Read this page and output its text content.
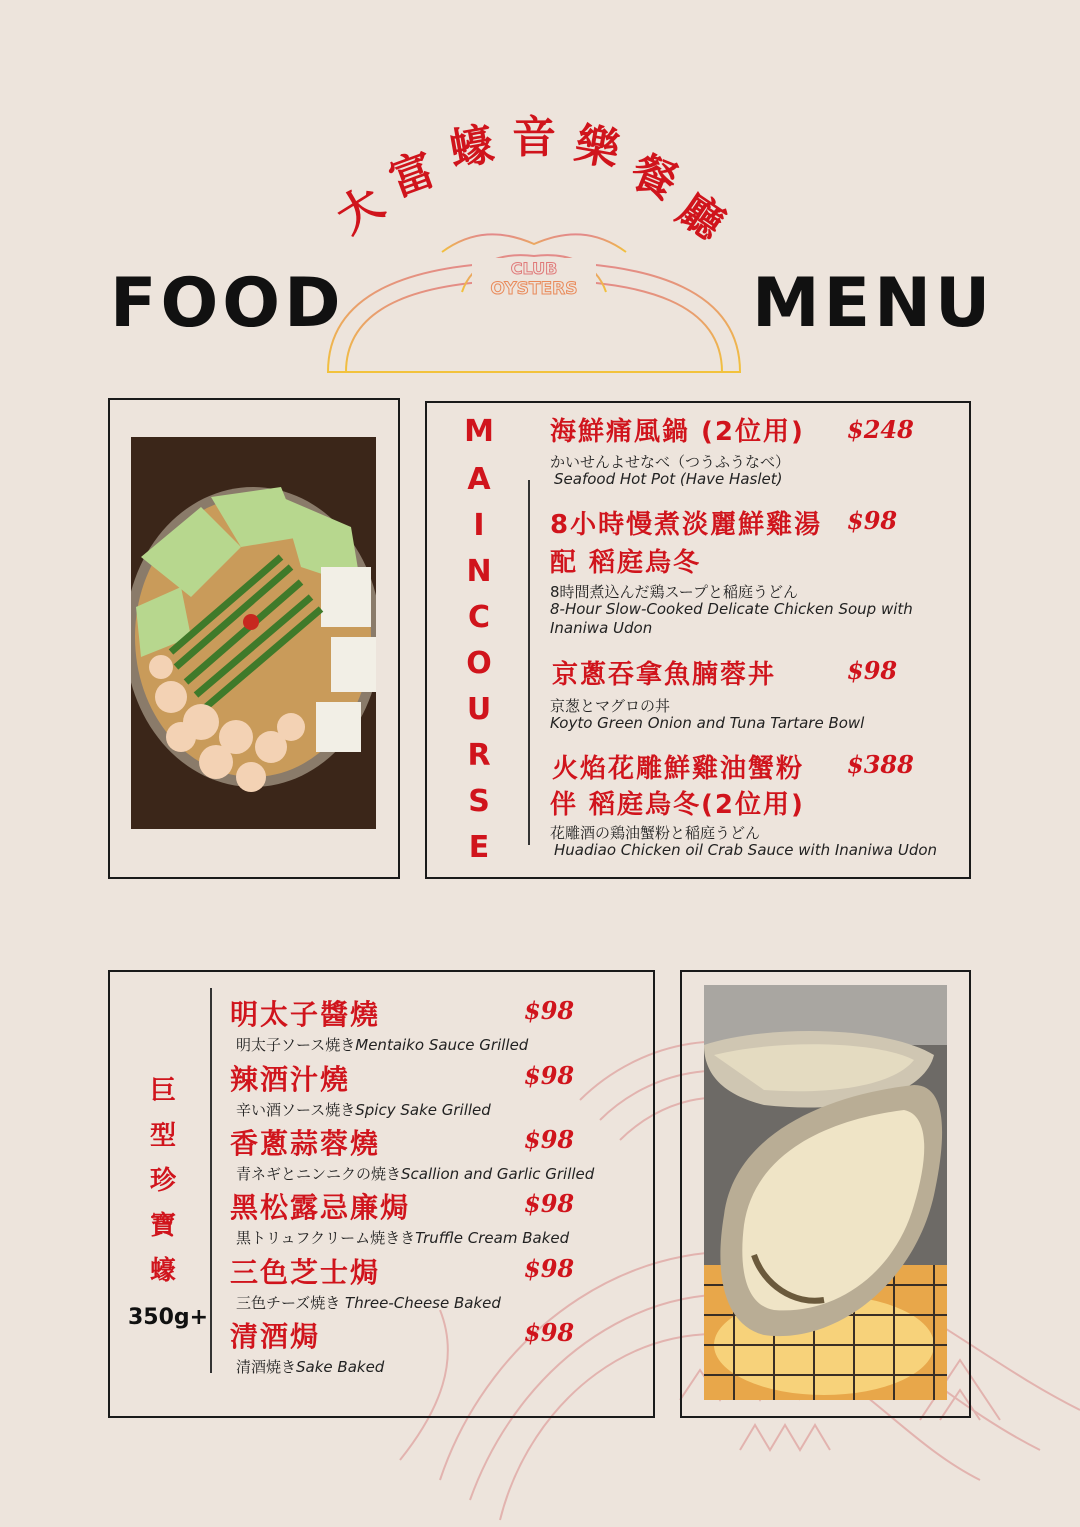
大
富 蠔 音 樂 餐
廳
CLUB
OYSTERS
FOOD	MENU
M
A
I
N
C
O
U
R
S
E
海鮮痛風鍋 (2位用) $248
かいせんよせなべ（つうふうなべ）
Seafood Hot Pot (Have Haslet)
8小時慢煮淡麗鮮雞湯 $98
配 稻庭烏冬
8時間煮込んだ鶏スープと稲庭うどん
8-Hour Slow-Cooked Delicate Chicken Soup with
Inaniwa Udon
京蔥吞拿魚腩蓉丼	$98
京葱とマグロの丼
Koyto Green Onion and Tuna Tartare Bowl
火焰花雕鮮雞油蟹粉 $388
伴 稻庭烏冬(2位用)
花雕酒の鶏油蟹粉と稲庭うどん
Huadiao Chicken oil Crab Sauce with Inaniwa Udon
巨
型
珍
寶
蠔
350g+
明太子醬燒	$98
明太子ソース焼きMentaiko Sauce Grilled
辣酒汁燒	$98
辛い酒ソース焼きSpicy Sake Grilled
香蔥蒜蓉燒	$98
青ネギとニンニクの焼きScallion and Garlic Grilled
黑松露忌廉焗	$98
黒トリュフクリーム焼ききTruffle Cream Baked
三色芝士焗	$98
三色チーズ焼き Three-Cheese Baked
清酒焗	$98
清酒焼きSake Baked
